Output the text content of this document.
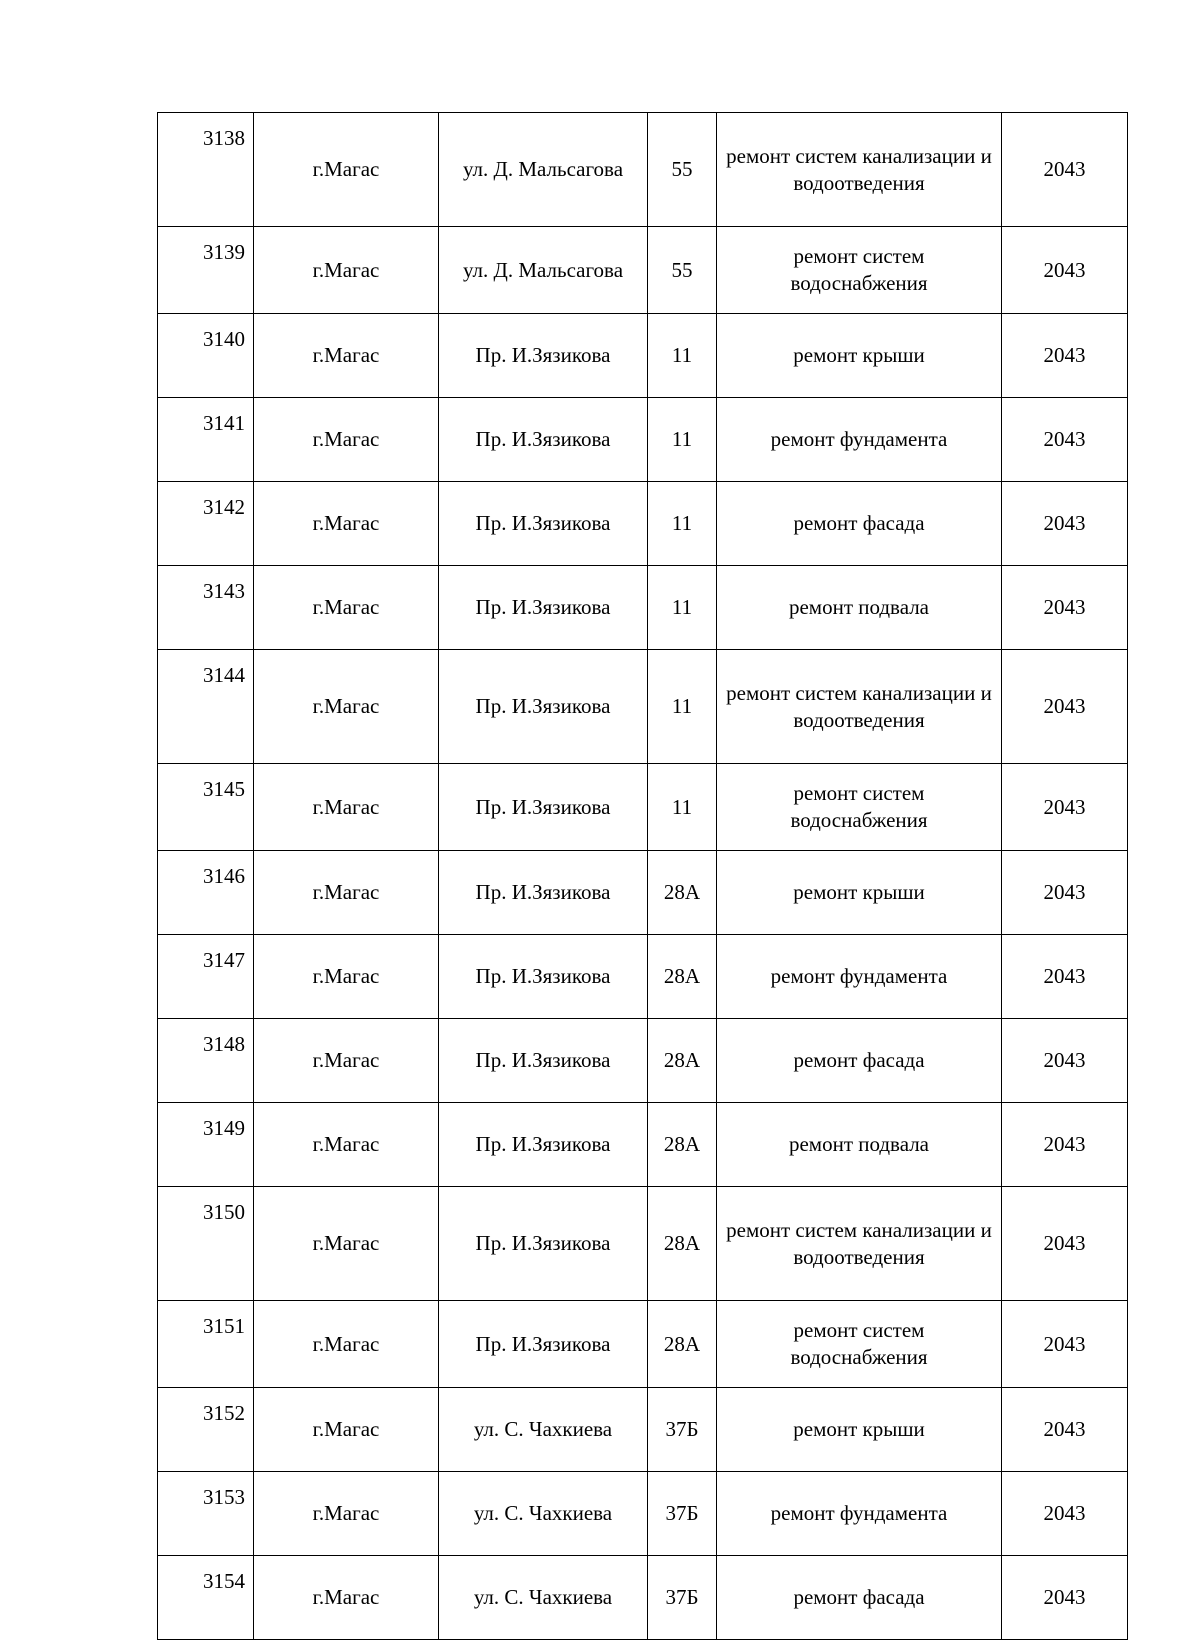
3138	г.Магас	ул. Д. Мальсагова	55	ремонт систем канализации и водоотведения	2043
3139	г.Магас	ул. Д. Мальсагова	55	ремонт систем водоснабжения	2043
3140	г.Магас	Пр. И.Зязикова	11	ремонт крыши	2043
3141	г.Магас	Пр. И.Зязикова	11	ремонт фундамента	2043
3142	г.Магас	Пр. И.Зязикова	11	ремонт фасада	2043
3143	г.Магас	Пр. И.Зязикова	11	ремонт подвала	2043
3144	г.Магас	Пр. И.Зязикова	11	ремонт систем канализации и водоотведения	2043
3145	г.Магас	Пр. И.Зязикова	11	ремонт систем водоснабжения	2043
3146	г.Магас	Пр. И.Зязикова	28А	ремонт крыши	2043
3147	г.Магас	Пр. И.Зязикова	28А	ремонт фундамента	2043
3148	г.Магас	Пр. И.Зязикова	28А	ремонт фасада	2043
3149	г.Магас	Пр. И.Зязикова	28А	ремонт подвала	2043
3150	г.Магас	Пр. И.Зязикова	28А	ремонт систем канализации и водоотведения	2043
3151	г.Магас	Пр. И.Зязикова	28А	ремонт систем водоснабжения	2043
3152	г.Магас	ул. С. Чахкиева	37Б	ремонт крыши	2043
3153	г.Магас	ул. С. Чахкиева	37Б	ремонт фундамента	2043
3154	г.Магас	ул. С. Чахкиева	37Б	ремонт фасада	2043
